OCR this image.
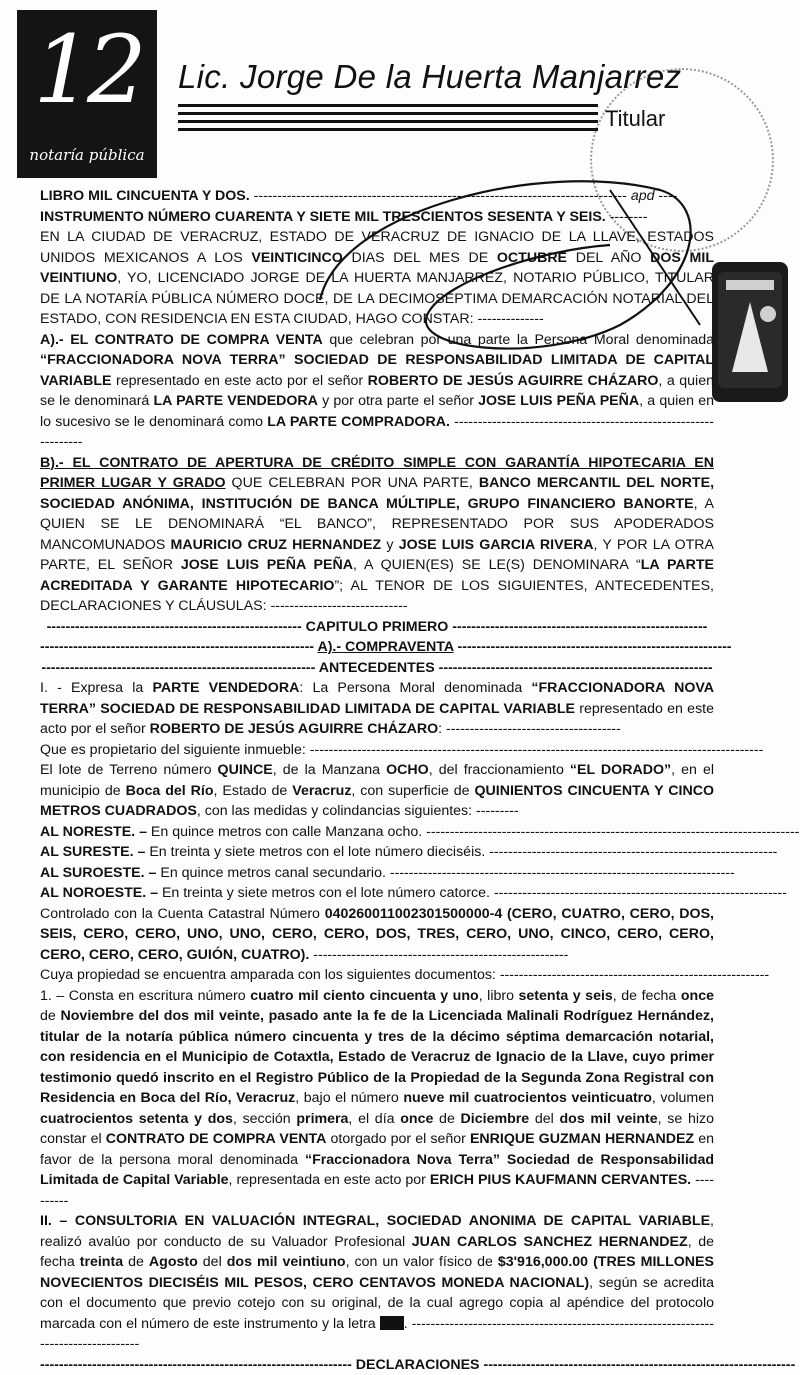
12
notaría pública
Lic. Jorge De la Huerta Manjarrez
Titular

LIBRO MIL CINCUENTA Y DOS. ------------------------------------------------------------------------------- apd ----

INSTRUMENTO NÚMERO CUARENTA Y SIETE MIL TRESCIENTOS SESENTA Y SEIS. --------

EN LA CIUDAD DE VERACRUZ, ESTADO DE VERACRUZ DE IGNACIO DE LA LLAVE, ESTADOS UNIDOS MEXICANOS A LOS VEINTICINCO DIAS DEL MES DE OCTUBRE DEL AÑO DOS MIL VEINTIUNO, YO, LICENCIADO JORGE DE LA HUERTA MANJARREZ, NOTARIO PÚBLICO, TITULAR DE LA NOTARÍA PÚBLICA NÚMERO DOCE, DE LA DECIMOSÉPTIMA DEMARCACIÓN NOTARIAL DEL ESTADO, CON RESIDENCIA EN ESTA CIUDAD, HAGO CONSTAR: --------------

A).- EL CONTRATO DE COMPRA VENTA que celebran por una parte la Persona Moral denominada “FRACCIONADORA NOVA TERRA” SOCIEDAD DE RESPONSABILIDAD LIMITADA DE CAPITAL VARIABLE representado en este acto por el señor ROBERTO DE JESÚS AGUIRRE CHÁZARO, a quien se le denominará LA PARTE VENDEDORA y por otra parte el señor JOSE LUIS PEÑA PEÑA, a quien en lo sucesivo se le denominará como LA PARTE COMPRADORA. ----------------------------------------------------------------

B).- EL CONTRATO DE APERTURA DE CRÉDITO SIMPLE CON GARANTÍA HIPOTECARIA EN PRIMER LUGAR Y GRADO QUE CELEBRAN POR UNA PARTE, BANCO MERCANTIL DEL NORTE, SOCIEDAD ANÓNIMA, INSTITUCIÓN DE BANCA MÚLTIPLE, GRUPO FINANCIERO BANORTE, A QUIEN SE LE DENOMINARÁ “EL BANCO”, REPRESENTADO POR SUS APODERADOS MANCOMUNADOS MAURICIO CRUZ HERNANDEZ y JOSE LUIS GARCIA RIVERA, Y POR LA OTRA PARTE, EL SEÑOR JOSE LUIS PEÑA PEÑA, A QUIEN(ES) SE LE(S) DENOMINARA “LA PARTE ACREDITADA Y GARANTE HIPOTECARIO”; AL TENOR DE LOS SIGUIENTES, ANTECEDENTES, DECLARACIONES Y CLÁUSULAS: -----------------------------

------------------------------------------------------ CAPITULO PRIMERO ------------------------------------------------------

---------------------------------------------------------- A).- COMPRAVENTA ----------------------------------------------------------

---------------------------------------------------------- ANTECEDENTES ----------------------------------------------------------

I. - Expresa la PARTE VENDEDORA: La Persona Moral denominada “FRACCIONADORA NOVA TERRA” SOCIEDAD DE RESPONSABILIDAD LIMITADA DE CAPITAL VARIABLE representado en este acto por el señor ROBERTO DE JESÚS AGUIRRE CHÁZARO: -------------------------------------

Que es propietario del siguiente inmueble: ------------------------------------------------------------------------------------------------

El lote de Terreno número QUINCE, de la Manzana OCHO, del fraccionamiento “EL DORADO”, en el municipio de Boca del Río, Estado de Veracruz, con superficie de QUINIENTOS CINCUENTA Y CINCO METROS CUADRADOS, con las medidas y colindancias siguientes: ---------

AL NORESTE. – En quince metros con calle Manzana ocho. -------------------------------------------------------------------------------

AL SURESTE. – En treinta y siete metros con el lote número dieciséis. -------------------------------------------------------------

AL SUROESTE. – En quince metros canal secundario. -------------------------------------------------------------------------

AL NOROESTE. – En treinta y siete metros con el lote número catorce. --------------------------------------------------------------

Controlado con la Cuenta Catastral Número 040260011002301500000-4 (CERO, CUATRO, CERO, DOS, SEIS, CERO, CERO, UNO, UNO, CERO, CERO, DOS, TRES, CERO, UNO, CINCO, CERO, CERO, CERO, CERO, CERO, GUIÓN, CUATRO). ------------------------------------------------------

Cuya propiedad se encuentra amparada con los siguientes documentos: ---------------------------------------------------------

1. – Consta en escritura número cuatro mil ciento cincuenta y uno, libro setenta y seis, de fecha once de Noviembre del dos mil veinte, pasado ante la fe de la Licenciada Malinali Rodríguez Hernández, titular de la notaría pública número cincuenta y tres de la décimo séptima demarcación notarial, con residencia en el Municipio de Cotaxtla, Estado de Veracruz de Ignacio de la Llave, cuyo primer testimonio quedó inscrito en el Registro Público de la Propiedad de la Segunda Zona Registral con Residencia en Boca del Río, Veracruz, bajo el número nueve mil cuatrocientos veinticuatro, volumen cuatrocientos setenta y dos, sección primera, el día once de Diciembre del dos mil veinte, se hizo constar el CONTRATO DE COMPRA VENTA otorgado por el señor ENRIQUE GUZMAN HERNANDEZ en favor de la persona moral denominada “Fraccionadora Nova Terra” Sociedad de Responsabilidad Limitada de Capital Variable, representada en este acto por ERICH PIUS KAUFMANN CERVANTES. ----------

II. – CONSULTORIA EN VALUACIÓN INTEGRAL, SOCIEDAD ANONIMA DE CAPITAL VARIABLE, realizó avalúo por conducto de su Valuador Profesional JUAN CARLOS SANCHEZ HERNANDEZ, de fecha treinta de Agosto del dos mil veintiuno, con un valor físico de $3'916,000.00 (TRES MILLONES NOVECIENTOS DIECISÉIS MIL PESOS, CERO CENTAVOS MONEDA NACIONAL), según se acredita con el documento que previo cotejo con su original, de la cual agrego copia al apéndice del protocolo marcada con el número de este instrumento y la letra . -------------------------------------------------------------------------------------

------------------------------------------------------------------ DECLARACIONES ------------------------------------------------------------------
